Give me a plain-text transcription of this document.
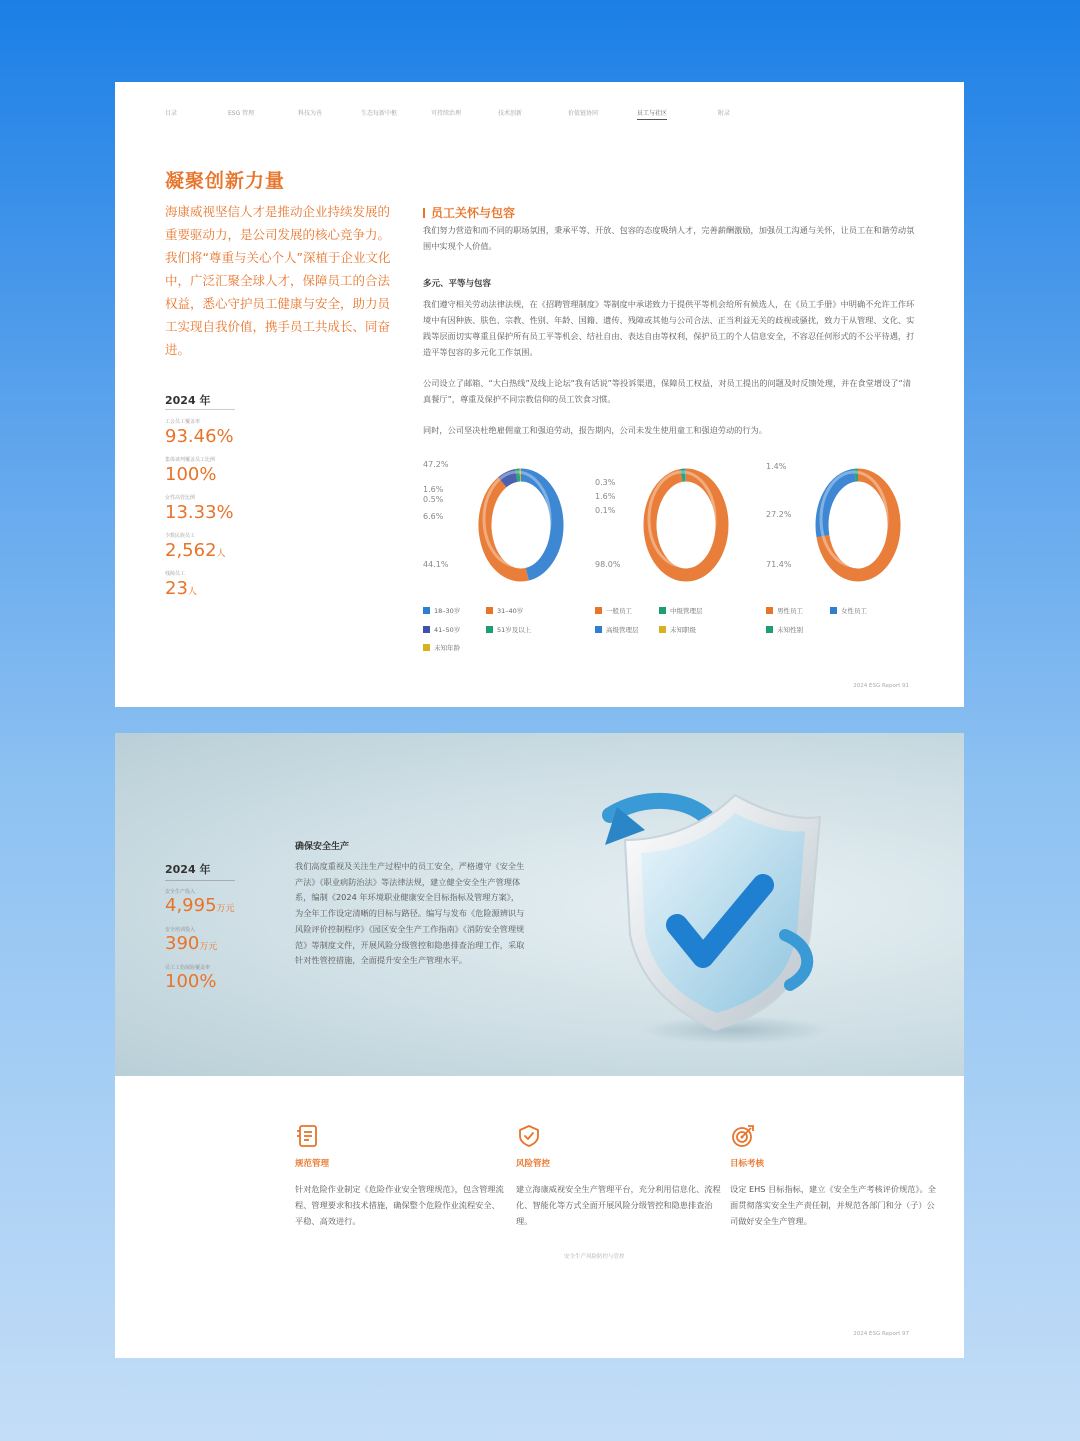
目录	ESG 管理	科技为善	生态每新中枢	可持续治理	技术创新	价值链协同	员工与社区	附录
凝聚创新力量
海康威视坚信人才是推动企业持续发展的重要驱动力，是公司发展的核心竞争力。我们将“尊重与关心个人”深植于企业文化中，广泛汇聚全球人才，保障员工的合法权益，悉心守护员工健康与安全，助力员工实现自我价值，携手员工共成长、同奋进。
2024 年
工会员工覆盖率
93.46%
集体谈判覆盖员工比例
100%
女性高管比例
13.33%
少数民族员工
2,562人
残障员工
23人
员工关怀与包容
我们努力营造和而不同的职场氛围，秉承平等、开放、包容的态度吸纳人才，完善薪酬激励，加强员工沟通与关怀，让员工在和谐劳动氛围中实现个人价值。
多元、平等与包容
我们遵守相关劳动法律法规，在《招聘管理制度》等制度中承诺致力于提供平等机会给所有候选人，在《员工手册》中明确不允许工作环境中有因种族、肤色、宗教、性别、年龄、国籍、遗传、残障或其他与公司合法、正当利益无关的歧视或骚扰，致力于从管理、文化、实践等层面切实尊重且保护所有员工平等机会、结社自由、表达自由等权利，保护员工的个人信息安全，不容忍任何形式的不公平待遇，打造平等包容的多元化工作氛围。
公司设立了邮箱、“大白热线”及线上论坛“我有话说”等投诉渠道，保障员工权益，对员工提出的问题及时反馈处理，并在食堂增设了“清真餐厅”，尊重及保护不同宗教信仰的员工饮食习惯。
同时，公司坚决杜绝雇佣童工和强迫劳动，报告期内，公司未发生使用童工和强迫劳动的行为。
47.2%
1.6%
0.5%
6.6%
44.1%
0.3%
1.6%
0.1%
98.0%
1.4%
27.2%
71.4%
18–30岁	31–40岁
41–50岁	51岁及以上
未知年龄
一般员工	中级管理层
高级管理层	未知职级
男性员工	女性员工
未知性别
2024 ESG Report 91
2024 年
安全生产投入
4,995万元
安全培训投入
390万元
员工工伤保险覆盖率
100%
确保安全生产
我们高度重视及关注生产过程中的员工安全，严格遵守《安全生产法》《职业病防治法》等法律法规，建立健全安全生产管理体系，编制《2024 年环境职业健康安全目标指标及管理方案》，为全年工作设定清晰的目标与路径。编写与发布《危险源辨识与风险评价控制程序》《园区安全生产工作指南》《消防安全管理规范》等制度文件，开展风险分级管控和隐患排查治理工作，采取针对性管控措施，全面提升安全生产管理水平。
规范管理
针对危险作业制定《危险作业安全管理规范》，包含管理流程、管理要求和技术措施，确保整个危险作业流程安全、平稳、高效进行。
风险管控
建立海康威视安全生产管理平台，充分利用信息化、流程化、智能化等方式全面开展风险分级管控和隐患排查治理。
目标考核
设定 EHS 目标指标，建立《安全生产考核评价规范》。全面贯彻落实安全生产责任制，并规范各部门和分（子）公司做好安全生产管理。
安全生产风险防控与管控
2024 ESG Report 97
